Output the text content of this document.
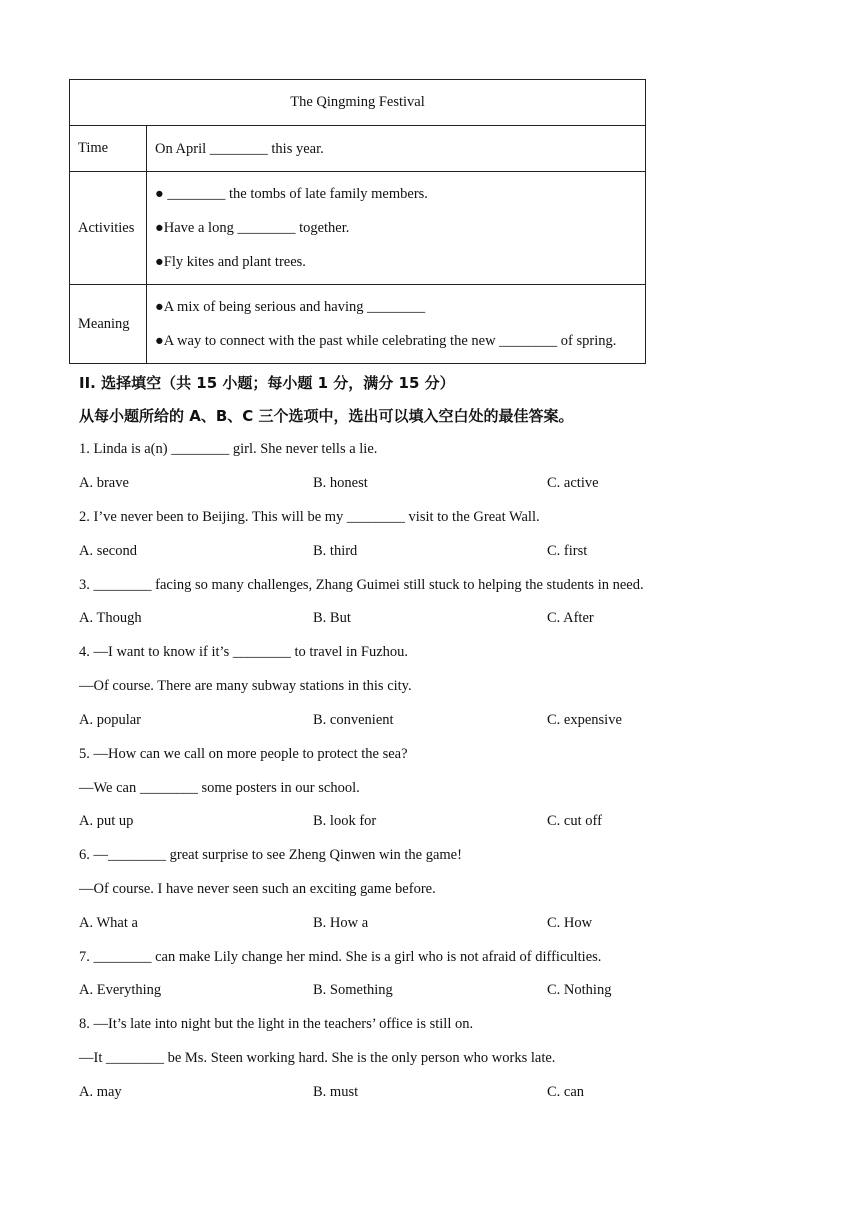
The Qingming Festival	
Time	On April ________ this year.

Activities	● ________ the tombs of late family members.

●Have a long ________ together.

●Fly kites and plant trees.

Meaning	●A mix of being serious and having ________

●A way to connect with the past while celebrating the new ________ of spring.

II. 选择填空（共 15 小题；每小题 1 分，满分 15 分）
从每小题所给的 A、B、C 三个选项中，选出可以填入空白处的最佳答案。
1. Linda is a(n) ________ girl. She never tells a lie.
A. brave	B. honest	C. active
2. I’ve never been to Beijing. This will be my ________ visit to the Great Wall.
A. second	B. third	C. first
3. ________ facing so many challenges, Zhang Guimei still stuck to helping the students in need.
A. Though	B. But	C. After
4. —I want to know if it’s ________ to travel in Fuzhou.
—Of course. There are many subway stations in this city.
A. popular	B. convenient	C. expensive
5. —How can we call on more people to protect the sea?
—We can ________ some posters in our school.
A. put up	B. look for	C. cut off
6. —________ great surprise to see Zheng Qinwen win the game!
—Of course. I have never seen such an exciting game before.
A. What a	B. How a	C. How
7. ________ can make Lily change her mind. She is a girl who is not afraid of difficulties.
A. Everything	B. Something	C. Nothing
8. —It’s late into night but the light in the teachers’ office is still on.
—It ________ be Ms. Steen working hard. She is the only person who works late.
A. may	B. must	C. can
